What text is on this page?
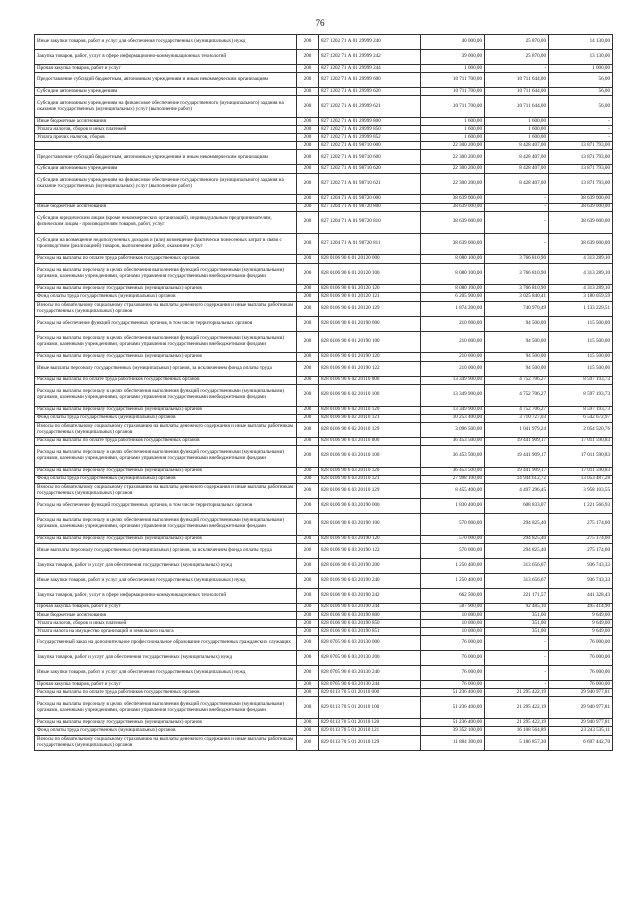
76
Иные закупки товаров, работ и услуг для обеспечения государственных (муниципальных) нужд	200	827 1202 71 А 01 29999 240	40 000,00	25 870,00	14 130,00
Закупка товаров, работ, услуг в сфере информационно-коммуникационных технологий	200	827 1202 71 А 01 29999 242	39 000,00	25 870,00	13 130,00
Прочая закупка товаров, работ и услуг	200	827 1202 71 А 01 29999 244	1 000,00	-	1 000,00
Предоставление субсидий бюджетным, автономным учреждениям и иным некоммерческим организациям	200	827 1202 71 А 01 29999 600	10 711 700,00	10 711 644,00	56,00
Субсидии автономным учреждениям	200	827 1202 71 А 01 29999 620	10 711 700,00	10 711 644,00	56,00
Субсидии автономным учреждениям на финансовое обеспечение государственного (муниципального) задания на оказание государственных (муниципальных) услуг (выполнение работ)	200	827 1202 71 А 01 29999 621	10 711 700,00	10 711 644,00	56,00
Иные бюджетные ассигнования	200	827 1202 71 А 01 29999 800	1 600,00	1 600,00	-
Уплата налогов, сборов и иных платежей	200	827 1202 71 А 01 29999 850	1 600,00	1 600,00	-
Уплата прочих налогов, сборов	200	827 1202 71 А 01 29999 852	1 600,00	1 600,00	-
	200	827 1202 71 А 01 98710 000	22 300 200,00	8 428 407,00	13 871 793,00
Предоставление субсидий бюджетным, автономным учреждениям и иным некоммерческим организациям	200	827 1202 71 А 01 98710 600	22 300 200,00	8 428 407,00	13 871 793,00
Субсидии автономным учреждениям	200	827 1202 71 А 01 98710 620	22 300 200,00	8 428 407,00	13 871 793,00
Субсидии автономным учреждениям на финансовое обеспечение государственного (муниципального) задания на оказание государственных (муниципальных) услуг (выполнение работ)	200	827 1202 71 А 01 98710 621	22 300 200,00	8 428 407,00	13 871 793,00
	200	827 1204 71 А 01 98720 000	38 639 000,00	-	38 639 000,00
Иные бюджетные ассигнования	200	827 1204 71 А 01 98720 800	38 639 000,00	-	38 639 000,00
Субсидии юридическим лицам (кроме некоммерческих организаций), индивидуальным предпринимателям, физическим лицам - производителям товаров, работ, услуг	200	827 1204 71 А 01 98720 810	38 639 000,00	-	38 639 000,00
Субсидии на возмещение недополученных доходов и (или) возмещение фактически понесенных затрат в связи с производством (реализацией) товаров, выполнением работ, оказанием услуг	200	827 1204 71 А 01 98720 811	38 639 000,00	-	38 639 000,00
Расходы на выплаты по оплате труда работников государственных органов	200	828 0106 90 6 01 20120 000	8 080 100,00	3 766 810,90	4 313 289,10
Расходы на выплаты персоналу в целях обеспечения выполнения функций государственными (муниципальными) органами, казенными учреждениями, органами управления государственными внебюджетными фондами	200	828 0106 90 6 01 20120 100	8 080 100,00	3 766 810,90	4 313 289,10
Расходы на выплаты персоналу государственных (муниципальных) органов	200	828 0106 90 6 01 20120 120	8 080 100,00	3 766 810,90	4 313 289,10
Фонд оплаты труда государственных (муниципальных) органов	200	828 0106 90 6 01 20120 121	6 205 900,00	3 025 840,41	3 180 059,59
Взносы по обязательному социальному страхованию на выплаты денежного содержания и иные выплаты работникам государственных (муниципальных) органов	200	828 0106 90 6 01 20120 129	1 874 200,00	740 970,49	1 133 229,51
Расходы на обеспечение функций государственных органов, в том числе территориальных органов	200	828 0106 90 6 01 20190 000	210 000,00	94 500,00	115 500,00
Расходы на выплаты персоналу в целях обеспечения выполнения функций государственными (муниципальными) органами, казенными учреждениями, органами управления государственными внебюджетными фондами	200	828 0106 90 6 01 20190 100	210 000,00	94 500,00	115 500,00
Расходы на выплаты персоналу государственных (муниципальных) органов	200	828 0106 90 6 01 20190 120	210 000,00	94 500,00	115 500,00
Иные выплаты персоналу государственных (муниципальных) органов, за исключением фонда оплаты труда	200	828 0106 90 6 01 20190 122	210 000,00	94 500,00	115 500,00
Расходы на выплаты по оплате труда работников государственных органов	200	828 0106 90 6 02 20110 000	13 349 900,00	4 752 706,27	8 597 193,73
Расходы на выплаты персоналу в целях обеспечения выполнения функций государственными (муниципальными) органами, казенными учреждениями, органами управления государственными внебюджетными фондами	200	828 0106 90 6 02 20110 100	13 349 900,00	4 752 706,27	8 597 193,73
Расходы на выплаты персоналу государственных (муниципальных) органов	200	828 0106 90 6 02 20110 120	13 349 900,00	4 752 706,27	8 597 193,73
Фонд оплаты труда государственных (муниципальных) органов	200	828 0106 90 6 02 20110 121	10 253 400,00	3 710 727,03	6 542 672,97
Взносы по обязательному социальному страхованию на выплаты денежного содержания и иные выплаты работникам государственных (муниципальных) органов	200	828 0106 90 6 02 20110 129	3 096 500,00	1 041 979,24	2 054 520,76
Расходы на выплаты по оплате труда работников государственных органов	200	828 0106 90 6 03 20110 000	36 453 500,00	19 441 909,17	17 011 590,83
Расходы на выплаты персоналу в целях обеспечения выполнения функций государственными (муниципальными) органами, казенными учреждениями, органами управления государственными внебюджетными фондами	200	828 0106 90 6 03 20110 100	36 453 500,00	19 441 909,17	17 011 590,83
Расходы на выплаты персоналу государственных (муниципальных) органов	200	828 0106 90 6 03 20110 120	36 453 500,00	19 441 909,17	17 011 590,83
Фонд оплаты труда государственных (муниципальных) органов	200	828 0106 90 6 03 20110 121	27 998 100,00	14 944 612,72	13 053 487,28
Взносы по обязательному социальному страхованию на выплаты денежного содержания и иные выплаты работникам государственных (муниципальных) органов	200	828 0106 90 6 03 20110 129	8 455 400,00	4 497 296,45	3 958 103,55
Расходы на обеспечение функций государственных органов, в том числе территориальных органов	200	828 0106 90 6 03 20190 000	1 830 400,00	608 833,07	1 221 566,93
Расходы на выплаты персоналу в целях обеспечения выполнения функций государственными (муниципальными) органами, казенными учреждениями, органами управления государственными внебюджетными фондами	200	828 0106 90 6 03 20190 100	570 000,00	294 825,40	275 174,60
Расходы на выплаты персоналу государственных (муниципальных) органов	200	828 0106 90 6 03 20190 120	570 000,00	294 825,40	275 174,60
Иные выплаты персоналу государственных (муниципальных) органов, за исключением фонда оплаты труда	200	828 0106 90 6 03 20190 122	570 000,00	294 825,40	275 174,60
Закупка товаров, работ и услуг для обеспечения государственных (муниципальных) нужд	200	828 0106 90 6 03 20190 200	1 250 400,00	313 656,67	936 743,33
Иные закупки товаров, работ и услуг для обеспечения государственных (муниципальных) нужд	200	828 0106 90 6 03 20190 240	1 250 400,00	313 656,67	936 743,33
Закупка товаров, работ, услуг в сфере информационно-коммуникационных технологий	200	828 0106 90 6 03 20190 242	662 500,00	221 171,57	441 328,43
Прочая закупка товаров, работ и услуг	200	828 0106 90 6 03 20190 244	587 900,00	92 485,10	495 414,90
Иные бюджетные ассигнования	200	828 0106 90 6 03 20190 800	10 000,00	351,00	9 649,00
Уплата налогов, сборов и иных платежей	200	828 0106 90 6 03 20190 850	10 000,00	351,00	9 649,00
Уплата налога на имущество организаций и земельного налога	200	828 0106 90 6 03 20190 851	10 000,00	351,00	9 649,00
Государственный заказ на дополнительное профессиональное образование государственных гражданских служащих	200	828 0705 90 6 03 20130 000	76 000,00	-	76 000,00
Закупка товаров, работ и услуг для обеспечения государственных (муниципальных) нужд	200	828 0705 90 6 03 20130 200	76 000,00	-	76 000,00
Иные закупки товаров, работ и услуг для обеспечения государственных (муниципальных) нужд	200	828 0705 90 6 03 20130 240	76 000,00	-	76 000,00
Прочая закупка товаров, работ и услуг	200	828 0705 90 6 03 20130 244	76 000,00	-	76 000,00
Расходы на выплаты по оплате труда работников государственных органов	200	829 0113 70 5 01 20110 000	51 236 400,00	21 295 422,19	29 940 977,81
Расходы на выплаты персоналу в целях обеспечения выполнения функций государственными (муниципальными) органами, казенными учреждениями, органами управления государственными внебюджетными фондами	200	829 0113 70 5 01 20110 100	51 236 400,00	21 295 422,19	29 940 977,81
Расходы на выплаты персоналу государственных (муниципальных) органов	200	829 0113 70 5 01 20110 120	51 236 400,00	21 295 422,19	29 940 977,81
Фонд оплаты труда государственных (муниципальных) органов	200	829 0113 70 5 01 20110 121	39 352 100,00	16 108 564,89	23 243 535,11
Взносы по обязательному социальному страхованию на выплаты денежного содержания и иные выплаты работникам государственных (муниципальных) органов	200	829 0113 70 5 01 20110 129	11 884 300,00	5 186 857,30	6 697 442,70
